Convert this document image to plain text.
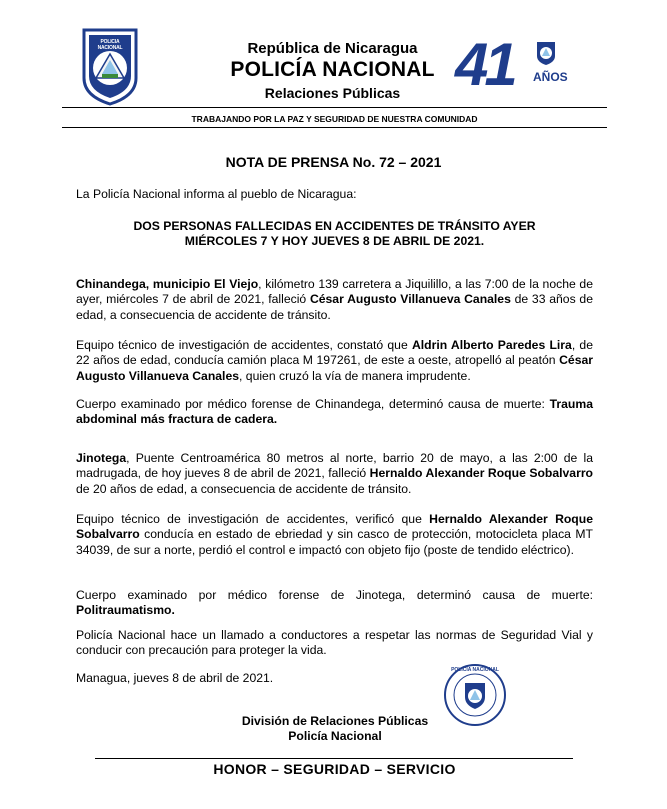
POLICIA NACIONAL	República de Nicaragua
POLICÍA NACIONAL
Relaciones Públicas 41 AÑOS
TRABAJANDO POR LA PAZ Y SEGURIDAD DE NUESTRA COMUNIDAD
NOTA DE PRENSA No. 72 – 2021
La Policía Nacional informa al pueblo de Nicaragua:
DOS PERSONAS FALLECIDAS EN ACCIDENTES DE TRÁNSITO AYER
MIÉRCOLES 7 Y HOY JUEVES 8 DE ABRIL DE 2021.
Chinandega, municipio El Viejo, kilómetro 139 carretera a Jiquilillo, a las 7:00 de la noche de ayer, miércoles 7 de abril de 2021, falleció César Augusto Villanueva Canales de 33 años de edad, a consecuencia de accidente de tránsito.
Equipo técnico de investigación de accidentes, constató que Aldrin Alberto Paredes Lira, de 22 años de edad, conducía camión placa M 197261, de este a oeste, atropelló al peatón César Augusto Villanueva Canales, quien cruzó la vía de manera imprudente.
Cuerpo examinado por médico forense de Chinandega, determinó causa de muerte: Trauma abdominal más fractura de cadera.
Jinotega, Puente Centroamérica 80 metros al norte, barrio 20 de mayo, a las 2:00 de la madrugada, de hoy jueves 8 de abril de 2021, falleció Hernaldo Alexander Roque Sobalvarro de 20 años de edad, a consecuencia de accidente de tránsito.
Equipo técnico de investigación de accidentes, verificó que Hernaldo Alexander Roque Sobalvarro conducía en estado de ebriedad y sin casco de protección, motocicleta placa MT 34039, de sur a norte, perdió el control e impactó con objeto fijo (poste de tendido eléctrico).
Cuerpo examinado por médico forense de Jinotega, determinó causa de muerte: Politraumatismo.
Policía Nacional hace un llamado a conductores a respetar las normas de Seguridad Vial y conducir con precaución para proteger la vida.
Managua, jueves 8 de abril de 2021.
POLICIA NACIONAL
División de Relaciones Públicas
Policía Nacional
HONOR – SEGURIDAD – SERVICIO
